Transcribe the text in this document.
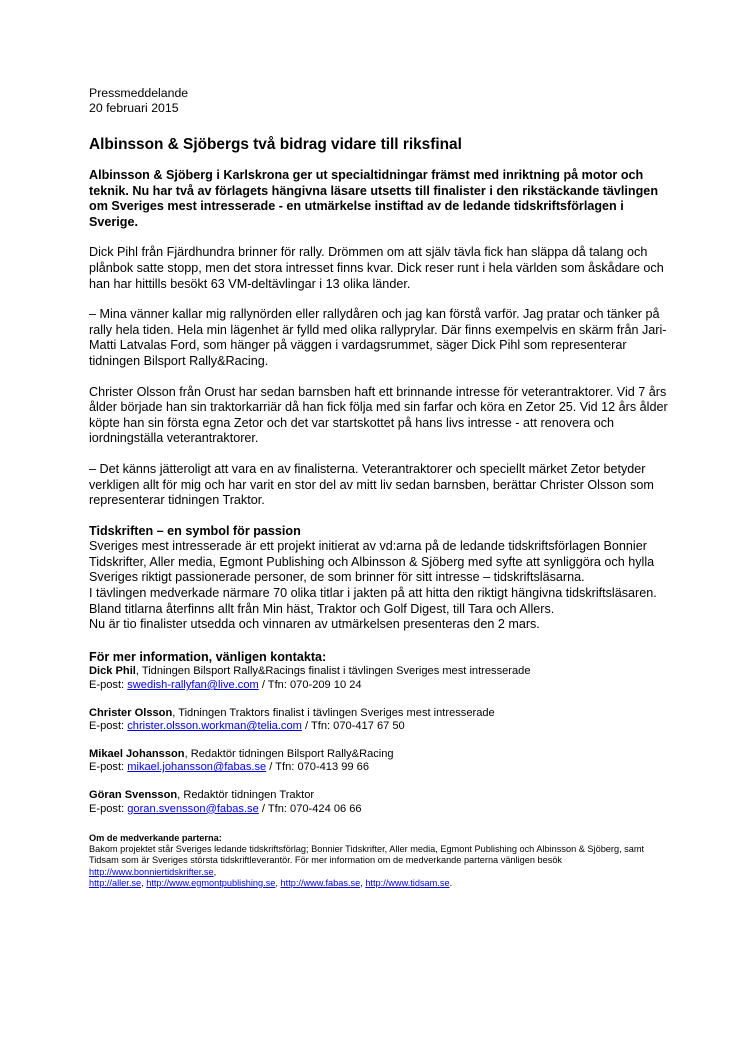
Pressmeddelande

20 februari 2015

Albinsson & Sjöbergs två bidrag vidare till riksfinal

Albinsson & Sjöberg i Karlskrona ger ut specialtidningar främst med inriktning på motor och teknik. Nu har två av förlagets hängivna läsare utsetts till finalister i den rikstäckande tävlingen om Sveriges mest intresserade - en utmärkelse instiftad av de ledande tidskriftsförlagen i Sverige.

Dick Pihl från Fjärdhundra brinner för rally. Drömmen om att själv tävla fick han släppa då talang och plånbok satte stopp, men det stora intresset finns kvar. Dick reser runt i hela världen som åskådare och han har hittills besökt 63 VM-deltävlingar i 13 olika länder.

– Mina vänner kallar mig rallynörden eller rallydåren och jag kan förstå varför. Jag pratar och tänker på rally hela tiden. Hela min lägenhet är fylld med olika rallyprylar. Där finns exempelvis en skärm från Jari-Matti Latvalas Ford, som hänger på väggen i vardagsrummet, säger Dick Pihl som representerar tidningen Bilsport Rally&Racing.

Christer Olsson från Orust har sedan barnsben haft ett brinnande intresse för veterantraktorer. Vid 7 års ålder började han sin traktorkarriär då han fick följa med sin farfar och köra en Zetor 25. Vid 12 års ålder köpte han sin första egna Zetor och det var startskottet på hans livs intresse - att renovera och iordningställa veterantraktorer.

– Det känns jätteroligt att vara en av finalisterna. Veterantraktorer och speciellt märket Zetor betyder verkligen allt för mig och har varit en stor del av mitt liv sedan barnsben, berättar Christer Olsson som representerar tidningen Traktor.

Tidskriften – en symbol för passion

Sveriges mest intresserade är ett projekt initierat av vd:arna på de ledande tidskriftsförlagen Bonnier Tidskrifter, Aller media, Egmont Publishing och Albinsson & Sjöberg med syfte att synliggöra och hylla Sveriges riktigt passionerade personer, de som brinner för sitt intresse – tidskriftsläsarna.

I tävlingen medverkade närmare 70 olika titlar i jakten på att hitta den riktigt hängivna tidskriftsläsaren. Bland titlarna återfinns allt från Min häst, Traktor och Golf Digest, till Tara och Allers.

Nu är tio finalister utsedda och vinnaren av utmärkelsen presenteras den 2 mars.

För mer information, vänligen kontakta:

Dick Phil, Tidningen Bilsport Rally&Racings finalist i tävlingen Sveriges mest intresserade
E-post: swedish-rallyfan@live.com / Tfn: 070-209 10 24
Christer Olsson, Tidningen Traktors finalist i tävlingen Sveriges mest intresserade
E-post: christer.olsson.workman@telia.com / Tfn: 070-417 67 50
Mikael Johansson, Redaktör tidningen Bilsport Rally&Racing
E-post: mikael.johansson@fabas.se / Tfn: 070-413 99 66
Göran Svensson, Redaktör tidningen Traktor
E-post: goran.svensson@fabas.se / Tfn: 070-424 06 66

Om de medverkande parterna:

Bakom projektet står Sveriges ledande tidskriftsförlag; Bonnier Tidskrifter, Aller media, Egmont Publishing och Albinsson & Sjöberg, samt Tidsam som är Sveriges största tidskriftleverantör. För mer information om de medverkande parterna vänligen besök http://www.bonniertidskrifter.se,
http://aller.se, http://www.egmontpublishing.se, http://www.fabas.se, http://www.tidsam.se.
